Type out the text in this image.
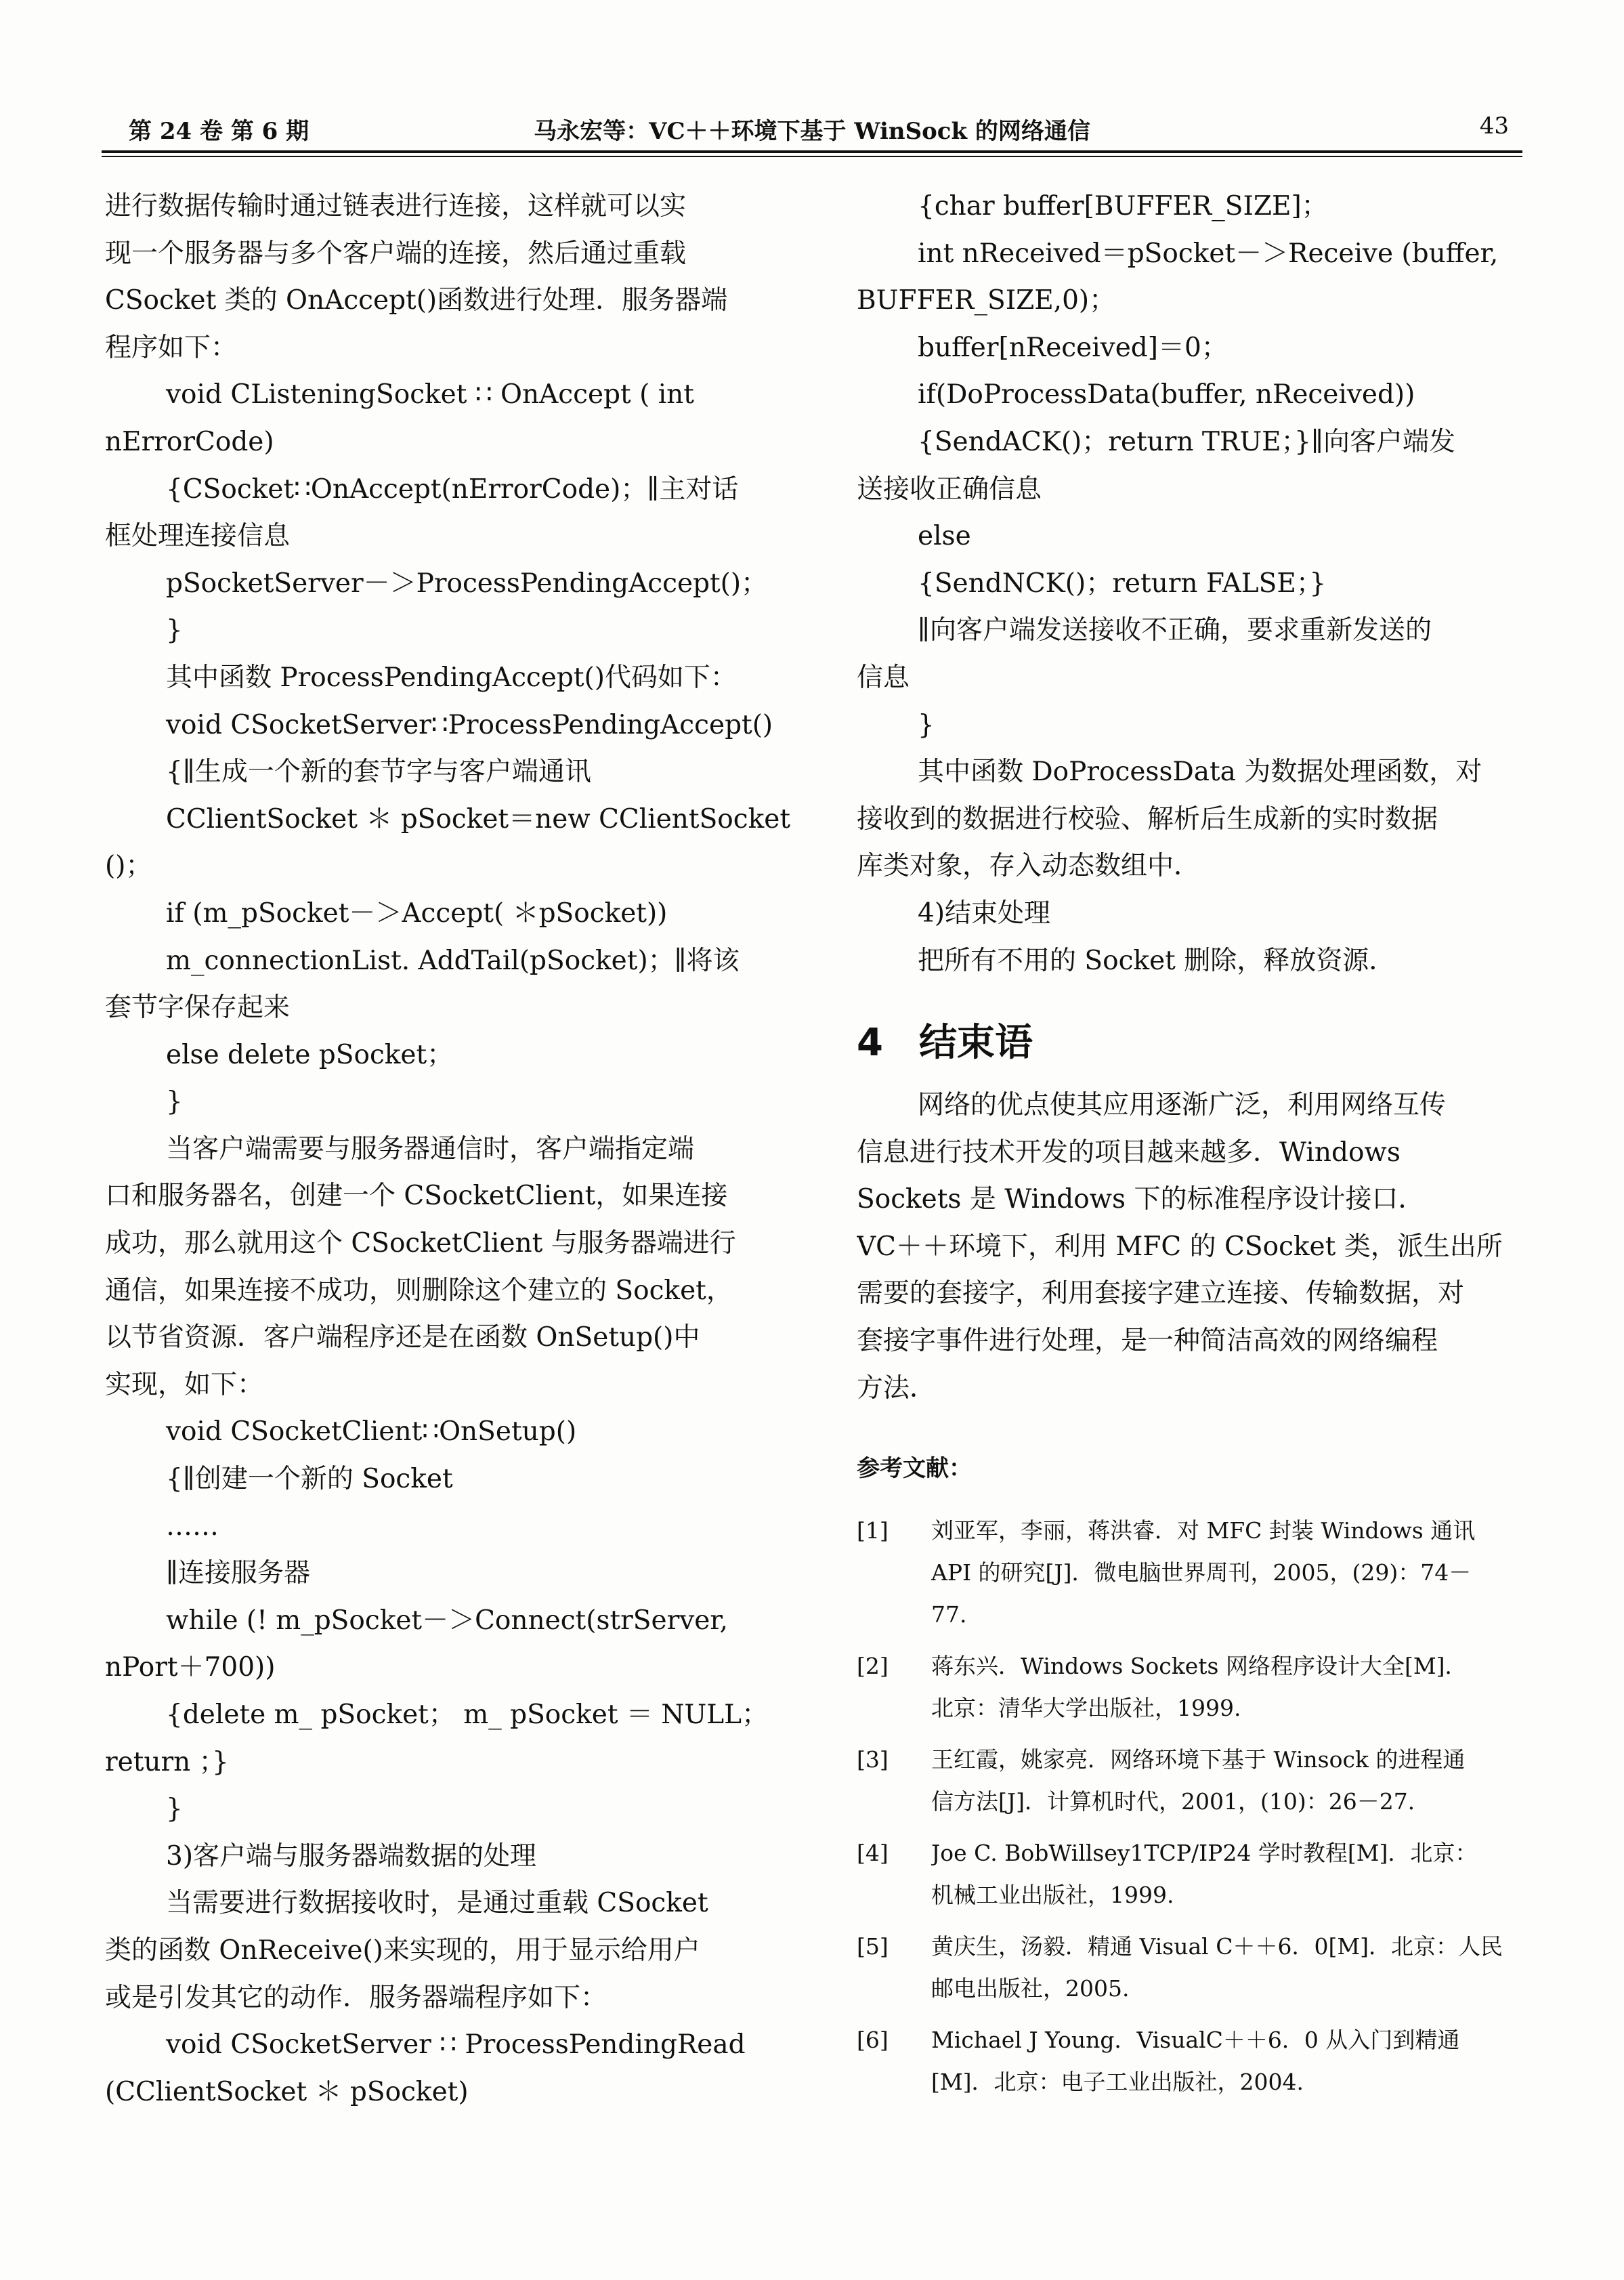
第 24 卷 第 6 期	马永宏等：VC＋＋环境下基于 WinSock 的网络通信	43
进行数据传输时通过链表进行连接，这样就可以实
现一个服务器与多个客户端的连接，然后通过重载
CSocket 类的 OnAccept()函数进行处理．服务器端
程序如下：
void CListeningSocket ∷ OnAccept ( int
nErrorCode)
{CSocket∷OnAccept(nErrorCode)；∥主对话
框处理连接信息
pSocketServer－＞ProcessPendingAccept()；
}
其中函数 ProcessPendingAccept()代码如下：
void CSocketServer∷ProcessPendingAccept()
{∥生成一个新的套节字与客户端通讯
CClientSocket ＊ pSocket＝new CClientSocket
()；
if (m_pSocket－＞Accept( ＊pSocket))
m_connectionList. AddTail(pSocket)；∥将该
套节字保存起来
else delete pSocket；
}
当客户端需要与服务器通信时，客户端指定端
口和服务器名，创建一个 CSocketClient，如果连接
成功，那么就用这个 CSocketClient 与服务器端进行
通信，如果连接不成功，则删除这个建立的 Socket，
以节省资源．客户端程序还是在函数 OnSetup()中
实现，如下：
void CSocketClient∷OnSetup()
{∥创建一个新的 Socket
……
∥连接服务器
while (! m_pSocket－＞Connect(strServer,
nPort＋700))
{delete m_ pSocket； m_ pSocket ＝ NULL；
return ；}
}
3)客户端与服务器端数据的处理
当需要进行数据接收时，是通过重载 CSocket
类的函数 OnReceive()来实现的，用于显示给用户
或是引发其它的动作．服务器端程序如下：
void CSocketServer ∷ ProcessPendingRead
(CClientSocket ＊ pSocket)
{char buffer[BUFFER_SIZE]；
int nReceived＝pSocket－＞Receive (buffer,
BUFFER_SIZE,0)；
buffer[nReceived]＝0；
if(DoProcessData(buffer, nReceived))
{SendACK()；return TRUE；}∥向客户端发
送接收正确信息
else
{SendNCK()；return FALSE；}
∥向客户端发送接收不正确，要求重新发送的
信息
}
其中函数 DoProcessData 为数据处理函数，对
接收到的数据进行校验、解析后生成新的实时数据
库类对象，存入动态数组中．
4)结束处理
把所有不用的 Socket 删除，释放资源．
4 结束语
网络的优点使其应用逐渐广泛，利用网络互传
信息进行技术开发的项目越来越多．Windows
Sockets 是 Windows 下的标准程序设计接口．
VC＋＋环境下，利用 MFC 的 CSocket 类，派生出所
需要的套接字，利用套接字建立连接、传输数据，对
套接字事件进行处理，是一种简洁高效的网络编程
方法．
参考文献：
[1] 刘亚军，李丽，蒋洪睿．对 MFC 封装 Windows 通讯
API 的研究[J]．微电脑世界周刊，2005，(29)：74－
77.
[2] 蒋东兴．Windows Sockets 网络程序设计大全[M]．
北京：清华大学出版社，1999.
[3] 王红霞，姚家亮．网络环境下基于 Winsock 的进程通
信方法[J]．计算机时代，2001，(10)：26－27.
[4] Joe C. BobWillsey1TCP/IP24 学时教程[M]．北京：
机械工业出版社，1999.
[5] 黄庆生，汤毅．精通 Visual C＋＋6．0[M]．北京：人民
邮电出版社，2005.
[6] Michael J Young．VisualC＋＋6．0 从入门到精通
[M]．北京：电子工业出版社，2004.
